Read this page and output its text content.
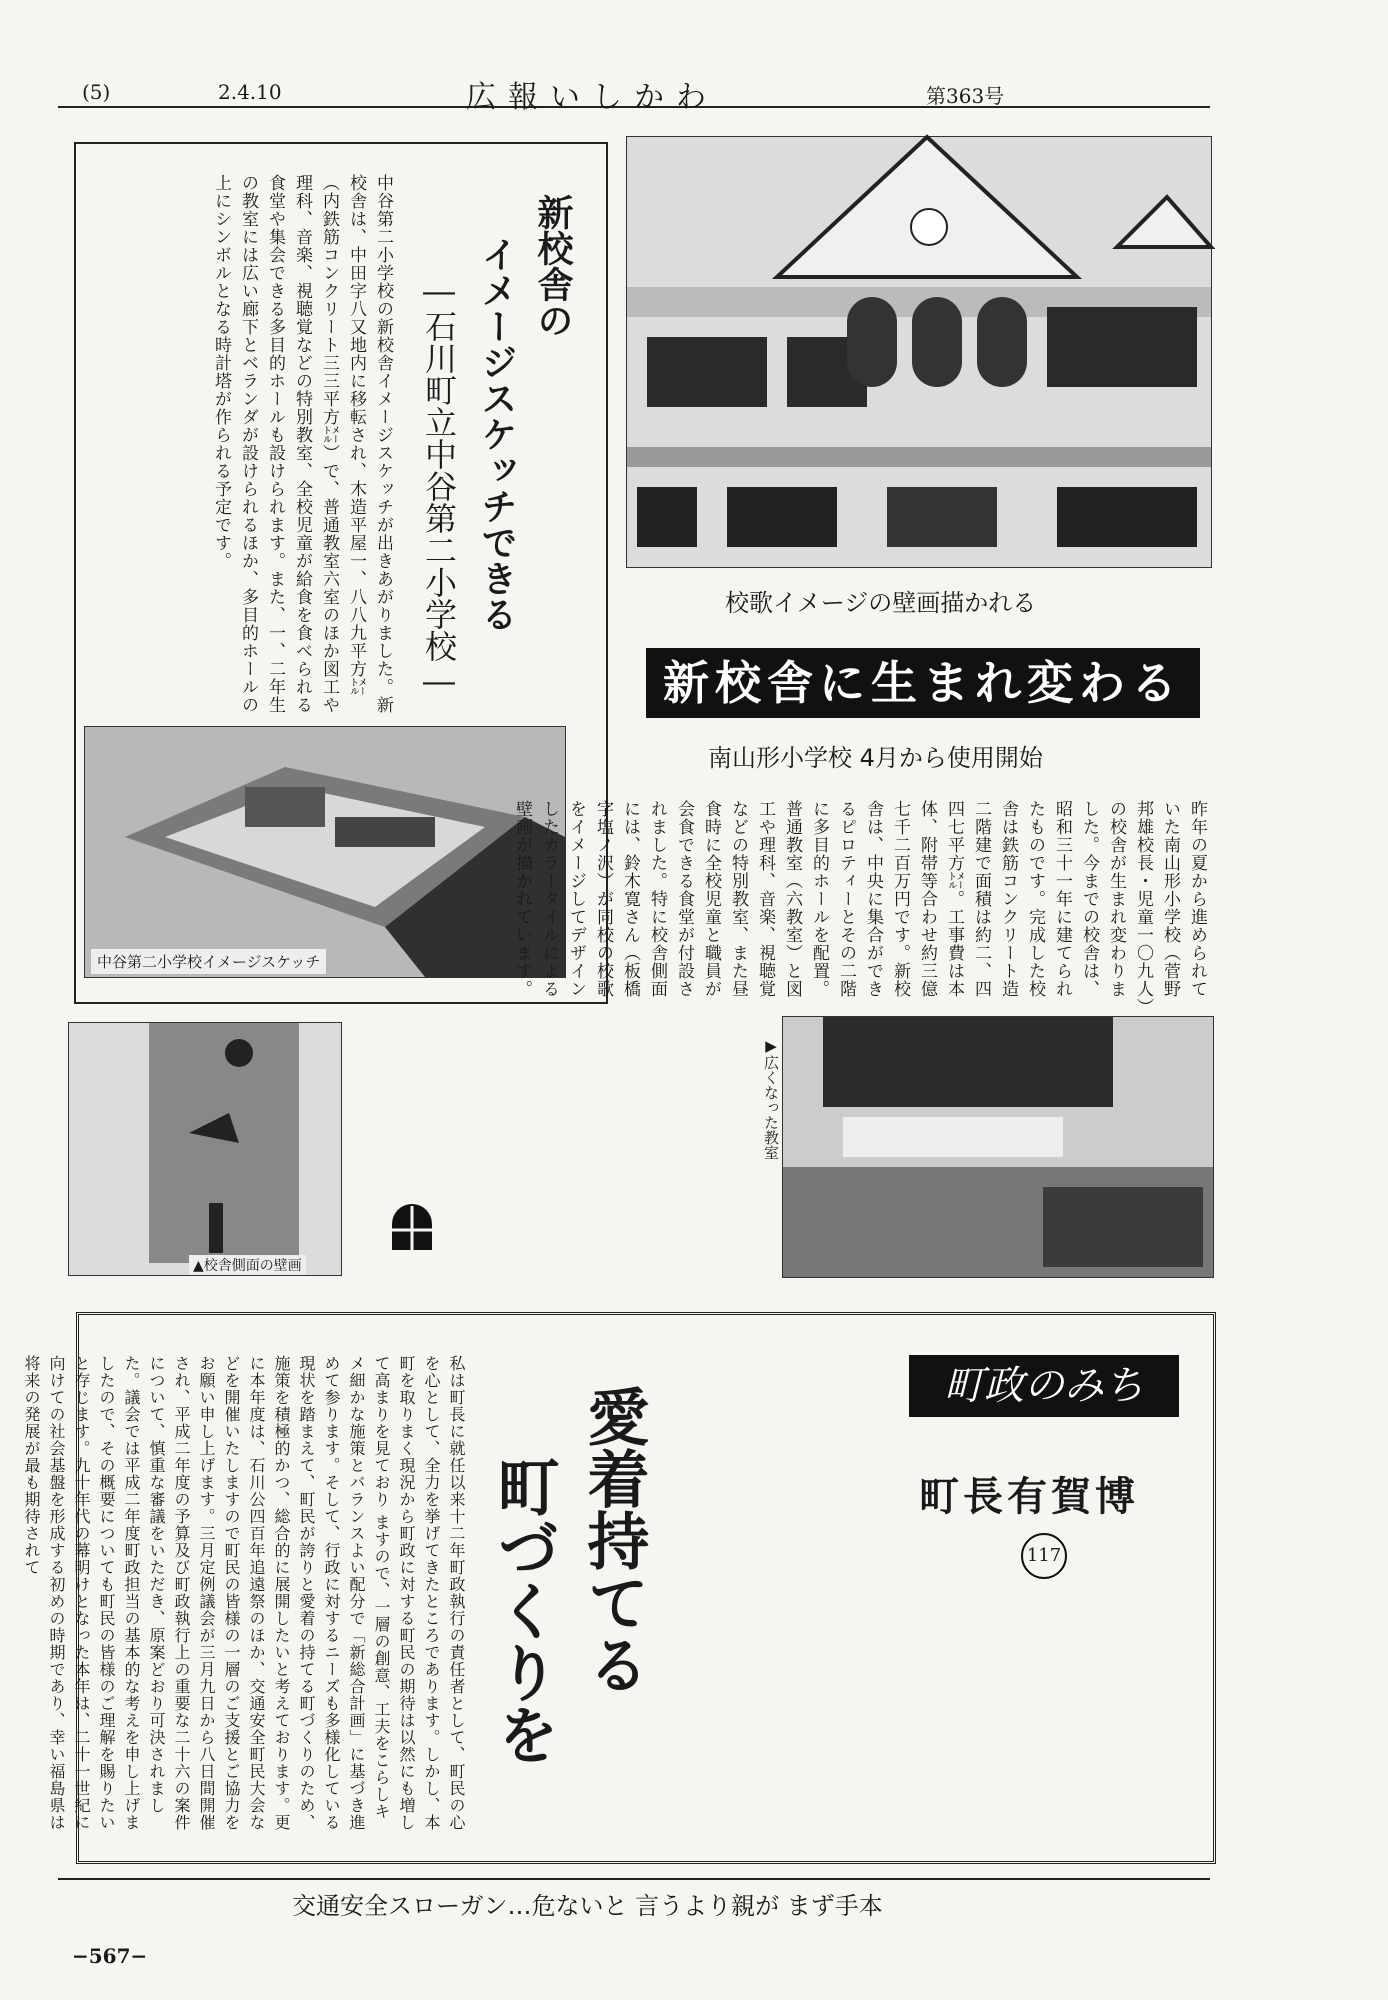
(5)	2.4.10	広報いしかわ	第363号
新校舎の
イメージスケッチできる
―石川町立中谷第二小学校―
中谷第二小学校の新校舎イメージスケッチが出きあがりました。新校舎は、中田字八又地内に移転され、木造平屋一、八八九平方㍍（内鉄筋コンクリート三三平方㍍）で、普通教室六室のほか図工や理科、音楽、視聴覚などの特別教室、全校児童が給食を食べられる食堂や集会できる多目的ホールも設けられます。また、一、二年生の教室には広い廊下とベランダが設けられるほか、多目的ホールの上にシンボルとなる時計塔が作られる予定です。
中谷第二小学校イメージスケッチ
校歌イメージの壁画描かれる
新校舎に生まれ変わる
南山形小学校 4月から使用開始
昨年の夏から進められていた南山形小学校（菅野邦雄校長・児童一〇九人）の校舎が生まれ変わりました。今までの校舎は、昭和三十一年に建てられたものです。完成した校舎は鉄筋コンクリート造二階建で面積は約二、四四七平方㍍。工事費は本体、附帯等合わせ約三億七千二百万円です。新校舎は、中央に集合ができるピロティーとその二階に多目的ホールを配置。普通教室（六教室）と図工や理科、音楽、視聴覚などの特別教室、また昼食時に全校児童と職員が会食できる食堂が付設されました。特に校舎側面には、鈴木寛さん（板橋字塩ノ沢）が同校の校歌をイメージしてデザインしたカラータイルによる壁画が描かれています。
▲校舎側面の壁画
▶広くなった教室
町政のみち
町長有賀博
117
愛着持てる
町づくりを
私は町長に就任以来十二年町政執行の責任者として、町民の心を心として、全力を挙げてきたところであります。しかし、本町を取りまく現況から町政に対する町民の期待は以然にも増して高まりを見ており ますので、一層の創意、工夫をこらしキメ細かな施策とバランスよい配分で「新総合計画」に基づき進めて参ります。そして、行政に対するニーズも多様化している現状を踏まえて、町民が誇りと愛着の持てる町づくりのため、施策を積極的かつ、総合的に展開したいと考えております。更に本年度は、石川公四百年追遠祭のほか、交通安全町民大会などを開催いたしますので町民の皆様の一層のご支援とご協力をお願い申し上げます。三月定例議会が三月九日から八日間開催され、平成二年度の予算及び町政執行上の重要な二十六の案件について、慎重な審議をいただき、原案どおり可決されました。議会では平成二年度町政担当の基本的な考えを申し上げましたので、その概要についても町民の皆様のご理解を賜りたいと存じます。九十年代の幕明けとなった本年は、二十一世紀に向けての社会基盤を形成する初めの時期であり、幸い福島県は将来の発展が最も期待されて
交通安全スローガン…危ないと 言うより親が まず手本
−567−
